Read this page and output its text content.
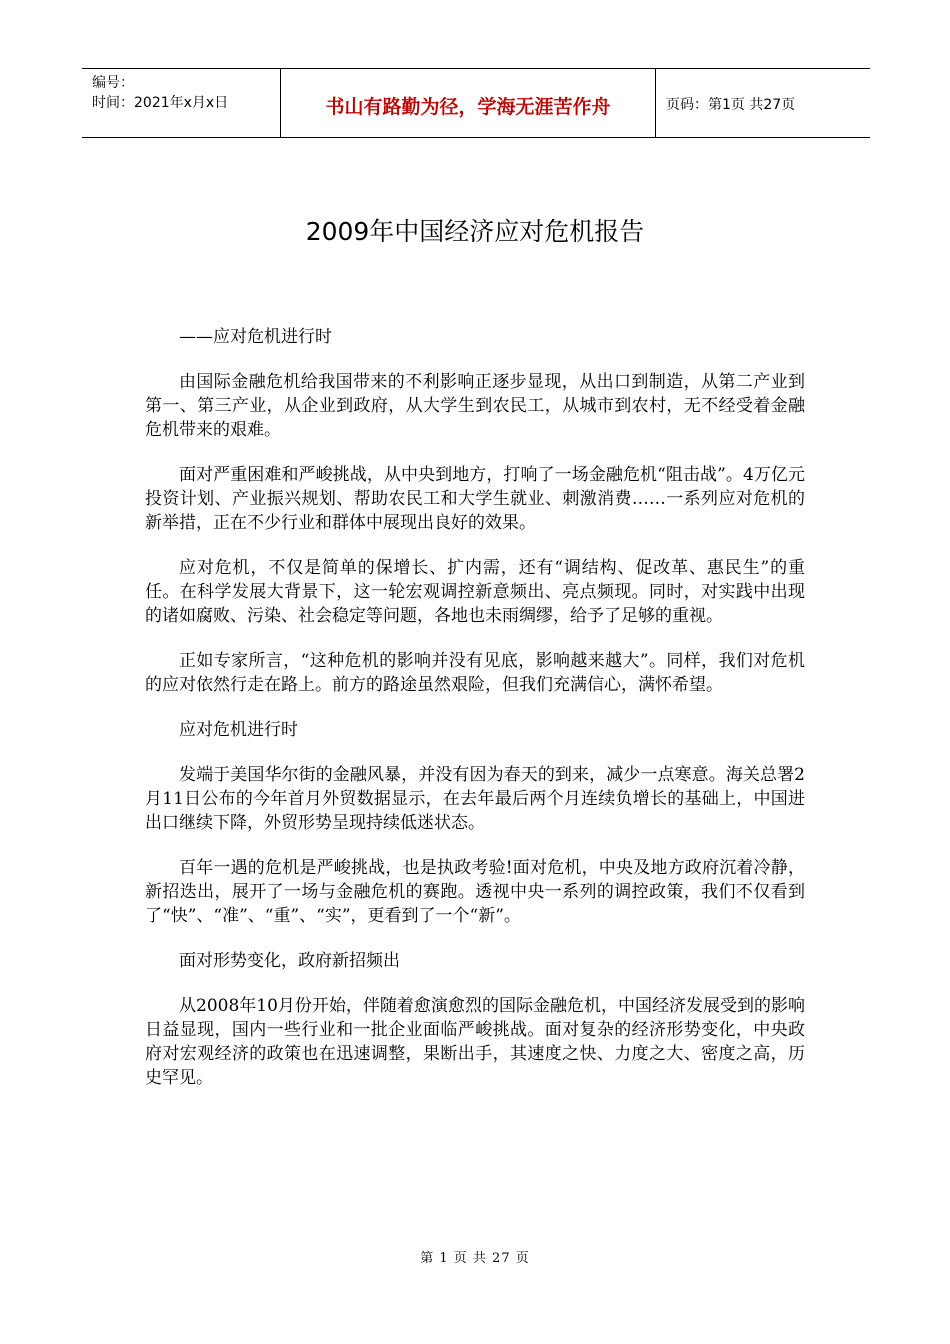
编号：
时间：2021年x月x日	书山有路勤为径，学海无涯苦作舟	页码：第1页 共27页
2009年中国经济应对危机报告

——应对危机进行时

由国际金融危机给我国带来的不利影响正逐步显现，从出口到制造，从第二产业到第一、第三产业，从企业到政府，从大学生到农民工，从城市到农村，无不经受着金融危机带来的艰难。

面对严重困难和严峻挑战，从中央到地方，打响了一场金融危机“阻击战”。4万亿元投资计划、产业振兴规划、帮助农民工和大学生就业、刺激消费……一系列应对危机的新举措，正在不少行业和群体中展现出良好的效果。

应对危机，不仅是简单的保增长、扩内需，还有“调结构、促改革、惠民生”的重任。在科学发展大背景下，这一轮宏观调控新意频出、亮点频现。同时，对实践中出现的诸如腐败、污染、社会稳定等问题，各地也未雨绸缪，给予了足够的重视。

正如专家所言，“这种危机的影响并没有见底，影响越来越大”。同样，我们对危机的应对依然行走在路上。前方的路途虽然艰险，但我们充满信心，满怀希望。

应对危机进行时

发端于美国华尔街的金融风暴，并没有因为春天的到来，减少一点寒意。海关总署2月11日公布的今年首月外贸数据显示，在去年最后两个月连续负增长的基础上，中国进出口继续下降，外贸形势呈现持续低迷状态。

百年一遇的危机是严峻挑战，也是执政考验!面对危机，中央及地方政府沉着冷静，新招迭出，展开了一场与金融危机的赛跑。透视中央一系列的调控政策，我们不仅看到了“快”、“准”、“重”、“实”，更看到了一个“新”。

面对形势变化，政府新招频出

从2008年10月份开始，伴随着愈演愈烈的国际金融危机，中国经济发展受到的影响日益显现，国内一些行业和一批企业面临严峻挑战。面对复杂的经济形势变化，中央政府对宏观经济的政策也在迅速调整，果断出手，其速度之快、力度之大、密度之高，历史罕见。

第 1 页 共 27 页
